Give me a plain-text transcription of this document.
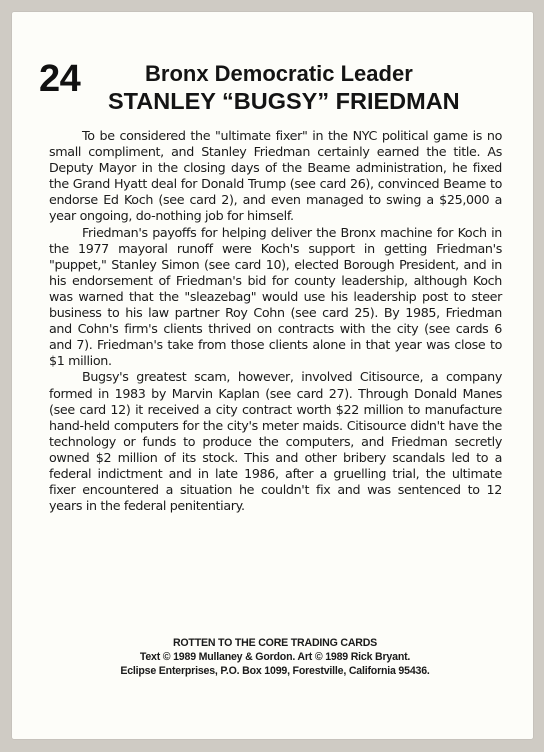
24	Bronx Democratic Leader
STANLEY “BUGSY” FRIEDMAN

To be considered the "ultimate fixer" in the NYC political game is no small compliment, and Stanley Friedman certainly earned the title. As Deputy Mayor in the closing days of the Beame administration, he fixed the Grand Hyatt deal for Donald Trump (see card 26), convinced Beame to endorse Ed Koch (see card 2), and even managed to swing a $25,000 a year ongoing, do-nothing job for himself.

Friedman's payoffs for helping deliver the Bronx machine for Koch in the 1977 mayoral runoff were Koch's support in getting Friedman's "puppet," Stanley Simon (see card 10), elected Borough President, and in his endorsement of Friedman's bid for county leadership, although Koch was warned that the "sleazebag" would use his leadership post to steer business to his law partner Roy Cohn (see card 25). By 1985, Friedman and Cohn's firm's clients thrived on contracts with the city (see cards 6 and 7). Friedman's take from those clients alone in that year was close to $1 million.

Bugsy's greatest scam, however, involved Citisource, a company formed in 1983 by Marvin Kaplan (see card 27). Through Donald Manes (see card 12) it received a city contract worth $22 million to manufacture hand-held computers for the city's meter maids. Citisource didn't have the technology or funds to produce the computers, and Friedman secretly owned $2 million of its stock. This and other bribery scandals led to a federal indictment and in late 1986, after a gruelling trial, the ultimate fixer encountered a situation he couldn't fix and was sentenced to 12 years in the federal penitentiary.

ROTTEN TO THE CORE TRADING CARDS
Text © 1989 Mullaney & Gordon. Art © 1989 Rick Bryant.
Eclipse Enterprises, P.O. Box 1099, Forestville, California 95436.
